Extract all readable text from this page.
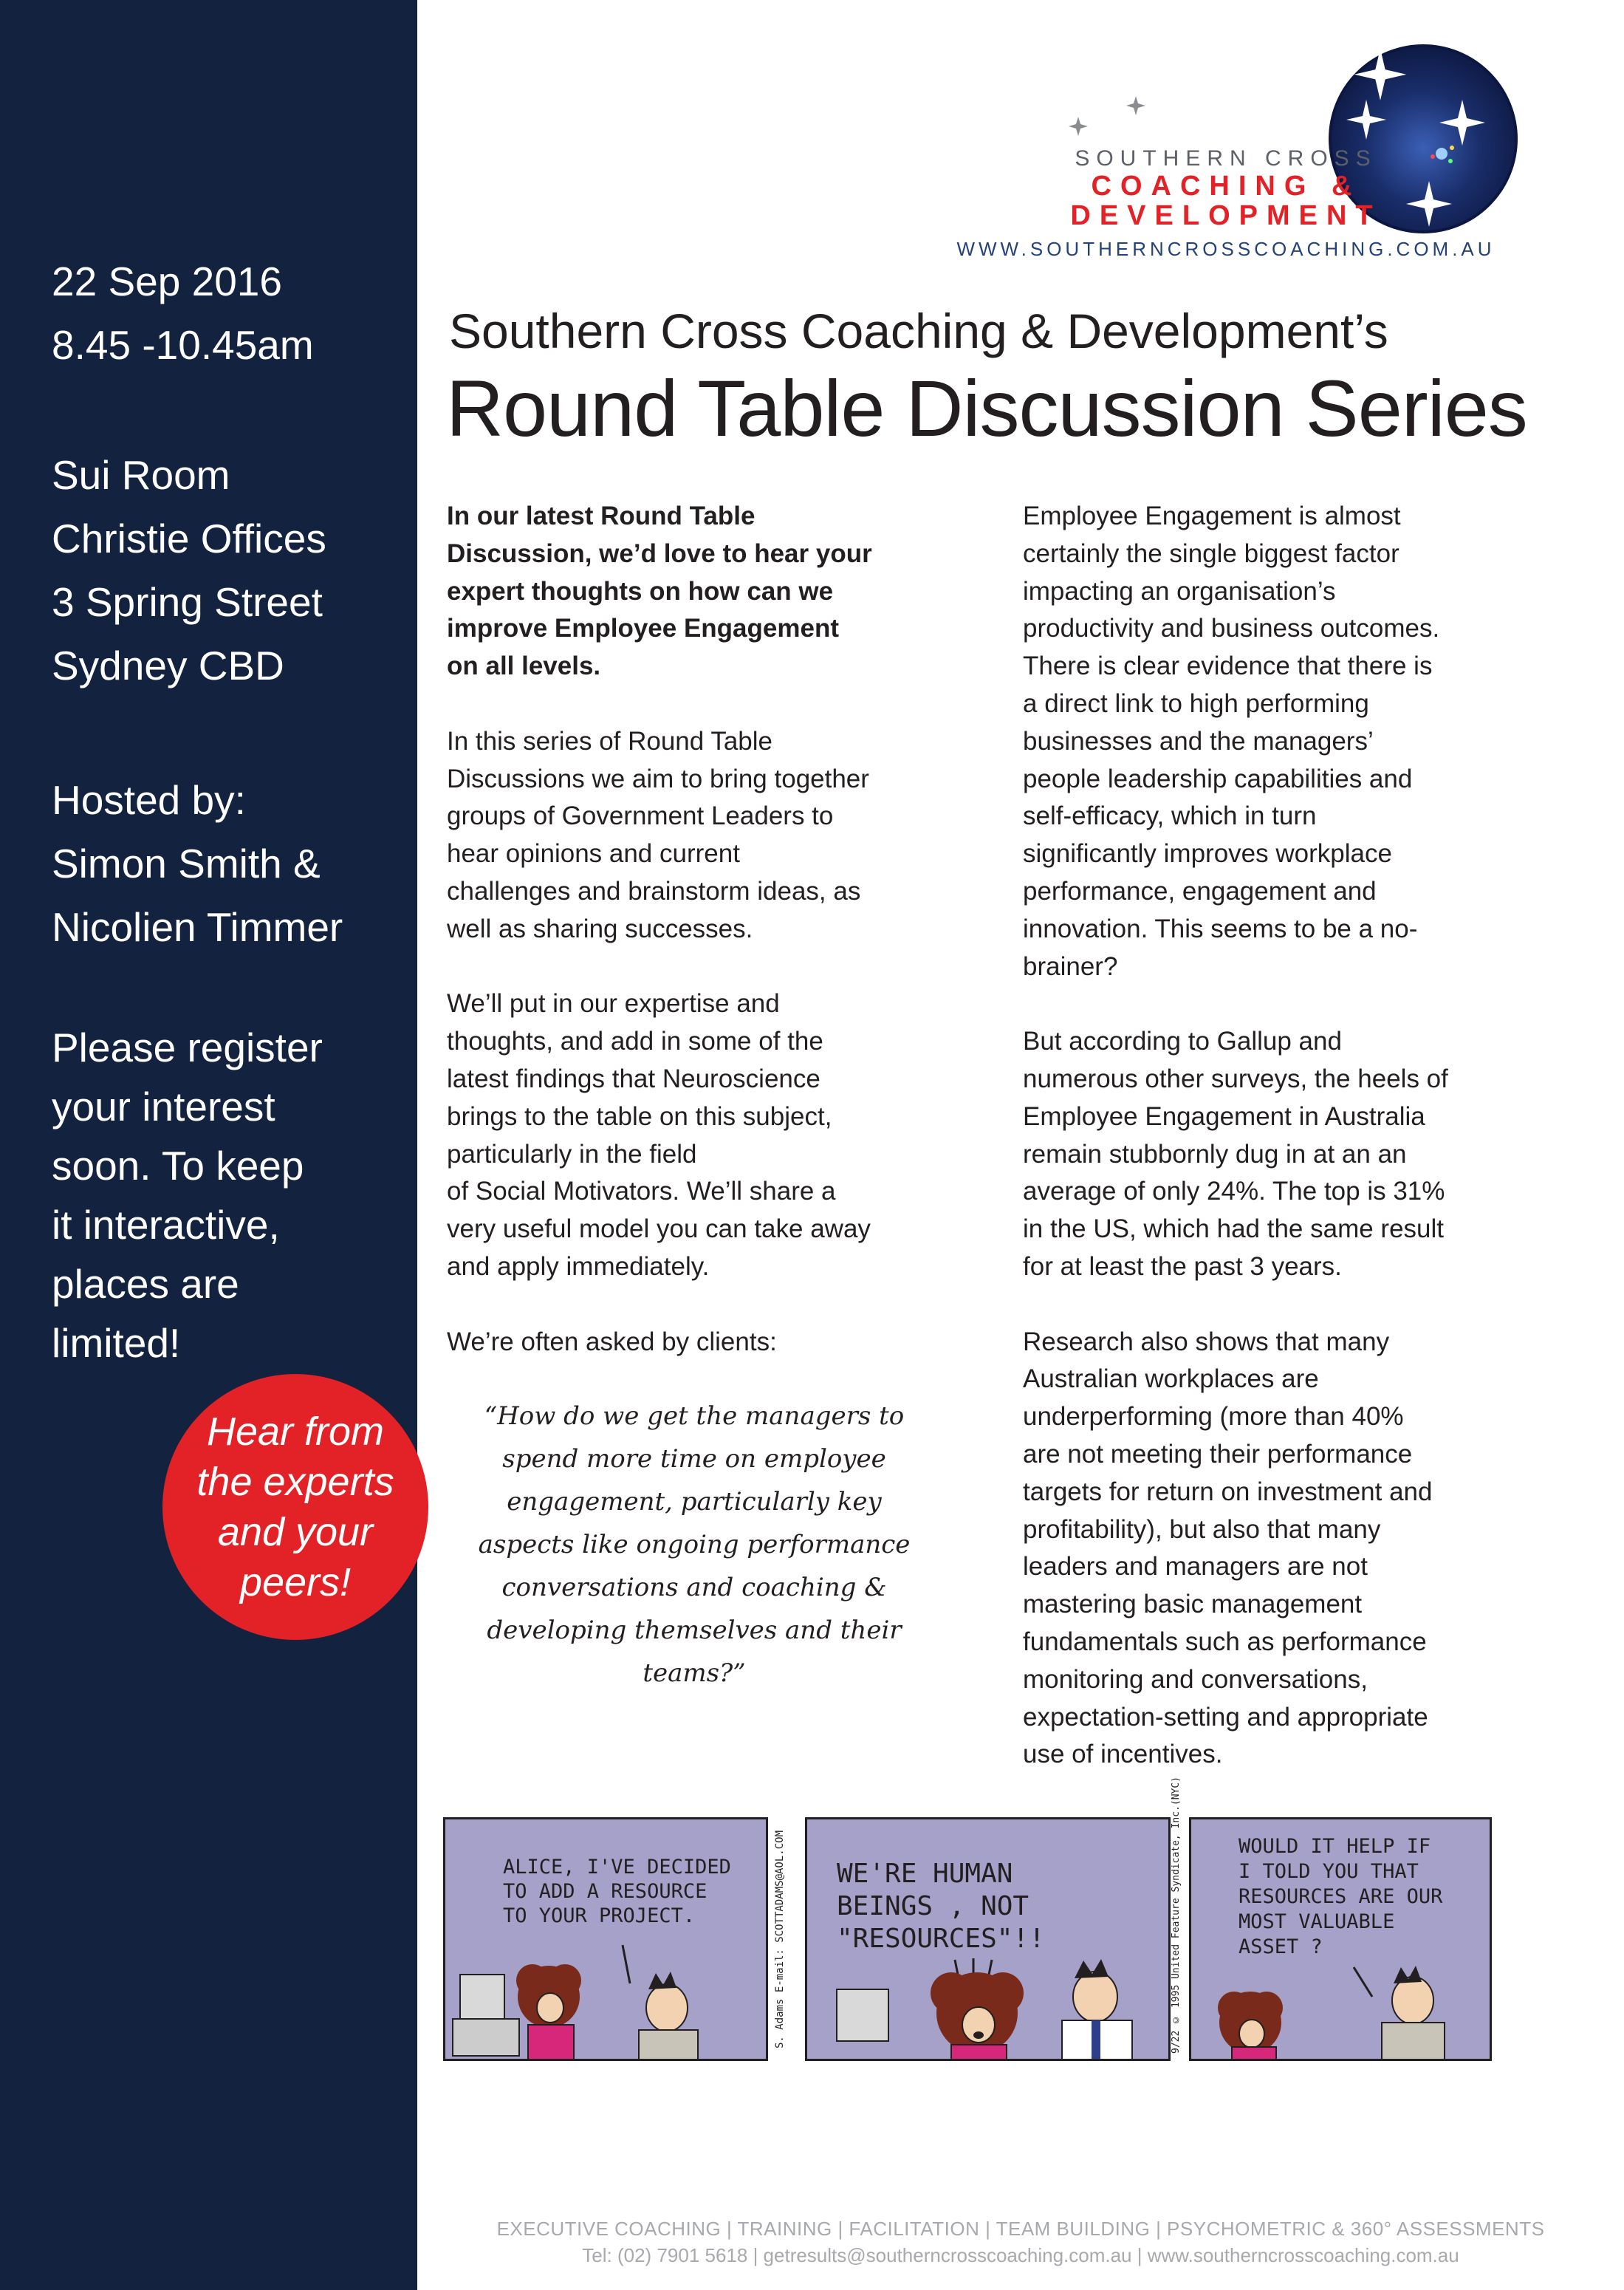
22 Sep 2016
8.45 -10.45am
Sui Room
Christie Offices
3 Spring Street
Sydney CBD
Hosted by:
Simon Smith &
Nicolien Timmer
Please register
your interest
soon. To keep
it interactive,
places are
limited!
Hear from
the experts
and your
peers!
SOUTHERN CROSS
COACHING &
DEVELOPMENT
WWW.SOUTHERNCROSSCOACHING.COM.AU
Southern Cross Coaching & Development’s
Round Table Discussion Series

In our latest Round Table
Discussion, we’d love to hear your
expert thoughts on how can we
improve Employee Engagement
on all levels.

In this series of Round Table
Discussions we aim to bring together
groups of Government Leaders to
hear opinions and current
challenges and brainstorm ideas, as
well as sharing successes.

We’ll put in our expertise and
thoughts, and add in some of the
latest findings that Neuroscience
brings to the table on this subject,
particularly in the field
of Social Motivators. We’ll share a
very useful model you can take away
and apply immediately.

We’re often asked by clients:

“How do we get the managers to
spend more time on employee
engagement, particularly key
aspects like ongoing performance
conversations and coaching &
developing themselves and their
teams?”

Employee Engagement is almost
certainly the single biggest factor
impacting an organisation’s
productivity and business outcomes.
There is clear evidence that there is
a direct link to high performing
businesses and the managers’
people leadership capabilities and
self-efficacy, which in turn
significantly improves workplace
performance, engagement and
innovation. This seems to be a no-
brainer?

But according to Gallup and
numerous other surveys, the heels of
Employee Engagement in Australia
remain stubbornly dug in at an an
average of only 24%. The top is 31%
in the US, which had the same result
for at least the past 3 years.

Research also shows that many
Australian workplaces are
underperforming (more than 40%
are not meeting their performance
targets for return on investment and
profitability), but also that many
leaders and managers are not
mastering basic management
fundamentals such as performance
monitoring and conversations,
expectation-setting and appropriate
use of incentives.

ALICE, I'VE DECIDED
TO ADD A RESOURCE
TO YOUR PROJECT.	S. Adams E-mail: SCOTTADAMS@AOL.COM	WE'RE HUMAN
BEINGS , NOT
"RESOURCES"!!	9/22 © 1995 United Feature Syndicate, Inc.(NYC)	WOULD IT HELP IF
I TOLD YOU THAT
RESOURCES ARE OUR
MOST VALUABLE
ASSET ?
EXECUTIVE COACHING | TRAINING | FACILITATION | TEAM BUILDING | PSYCHOMETRIC & 360° ASSESSMENTS
Tel: (02) 7901 5618 | getresults@southerncrosscoaching.com.au | www.southerncrosscoaching.com.au
